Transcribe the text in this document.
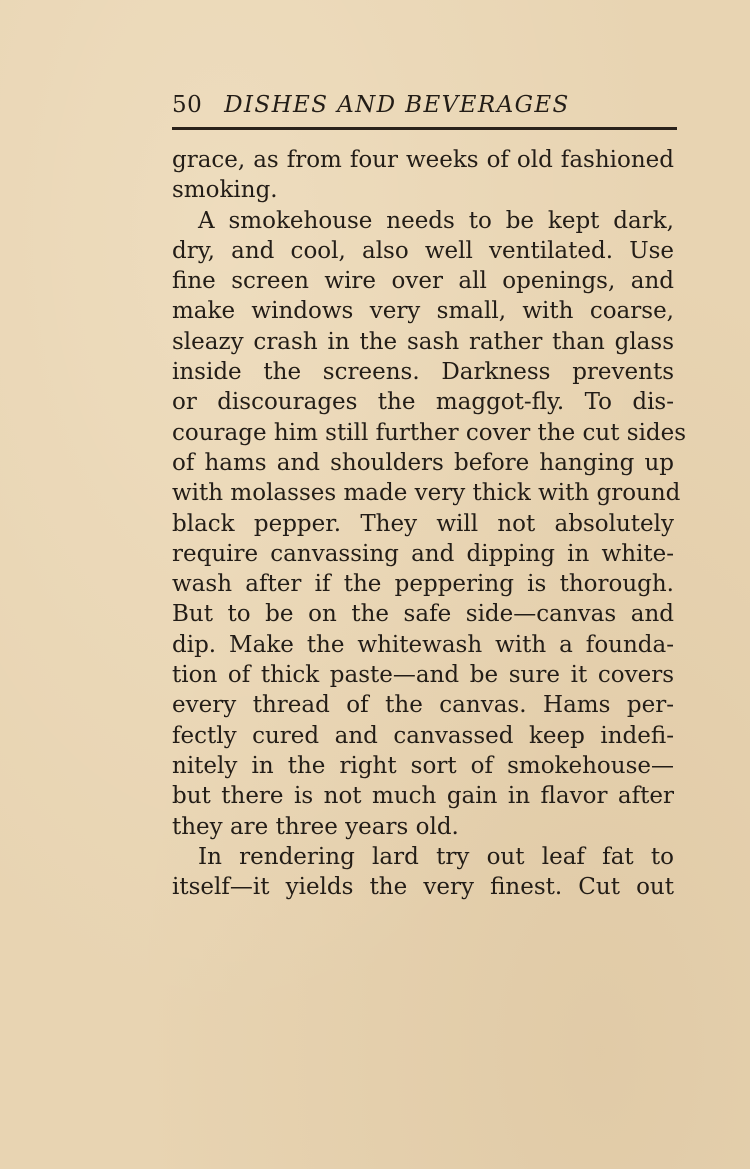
50 DISHES AND BEVERAGES
grace, as from four weeks of old fashioned
smoking.
A smokehouse needs to be kept dark,
dry, and cool, also well ventilated. Use
fine screen wire over all openings, and
make windows very small, with coarse,
sleazy crash in the sash rather than glass
inside the screens. Darkness prevents
or discourages the maggot-fly. To dis-
courage him still further cover the cut sides
of hams and shoulders before hanging up
with molasses made very thick with ground
black pepper. They will not absolutely
require canvassing and dipping in white-
wash after if the peppering is thorough.
But to be on the safe side—canvas and
dip. Make the whitewash with a founda-
tion of thick paste—and be sure it covers
every thread of the canvas. Hams per-
fectly cured and canvassed keep indefi-
nitely in the right sort of smokehouse—
but there is not much gain in flavor after
they are three years old.
In rendering lard try out leaf fat to
itself—it yields the very finest. Cut out
